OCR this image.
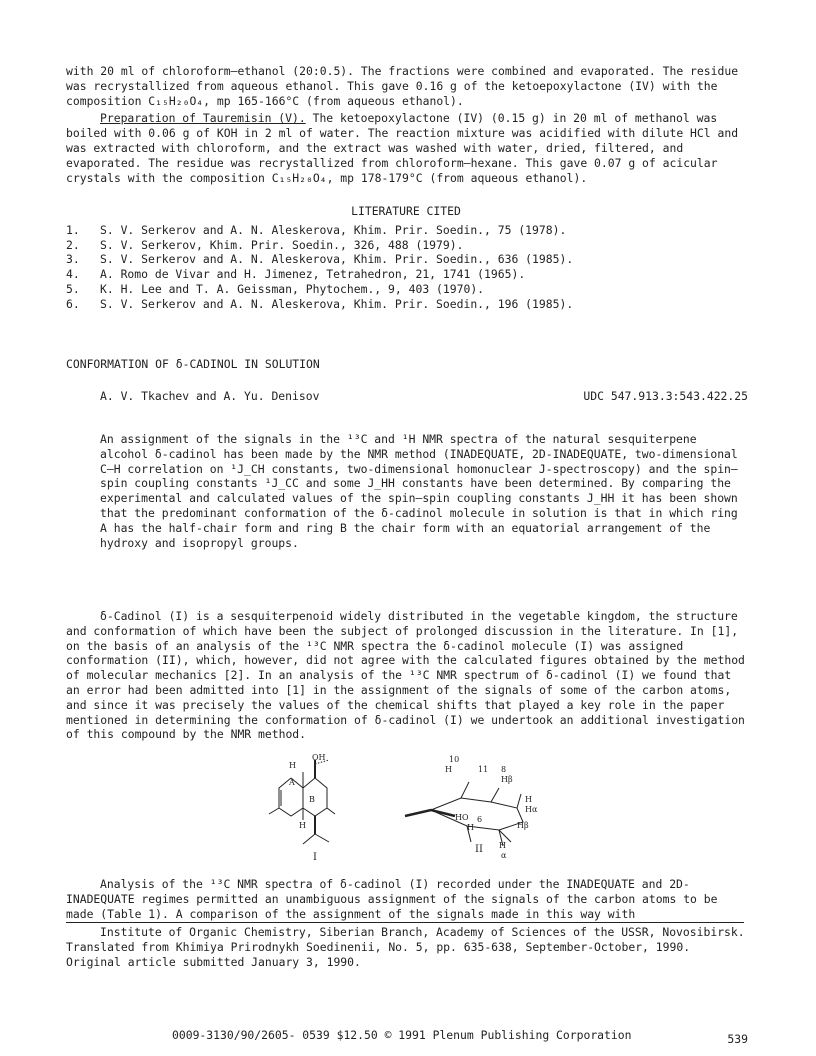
with 20 ml of chloroform–ethanol (20:0.5). The fractions were combined and evaporated. The residue was recrystallized from aqueous ethanol. This gave 0.16 g of the ketoepoxylactone (IV) with the composition C₁₅H₂₀O₄, mp 165-166°C (from aqueous ethanol).

Preparation of Tauremisin (V). The ketoepoxylactone (IV) (0.15 g) in 20 ml of methanol was boiled with 0.06 g of KOH in 2 ml of water. The reaction mixture was acidified with dilute HCl and was extracted with chloroform, and the extract was washed with water, dried, filtered, and evaporated. The residue was recrystallized from chloroform–hexane. This gave 0.07 g of acicular crystals with the composition C₁₅H₂₀O₄, mp 178-179°C (from aqueous ethanol).

LITERATURE CITED

1.	S. V. Serkerov and A. N. Aleskerova, Khim. Prir. Soedin., 75 (1978).
2.	S. V. Serkerov, Khim. Prir. Soedin., 326, 488 (1979).
3.	S. V. Serkerov and A. N. Aleskerova, Khim. Prir. Soedin., 636 (1985).
4.	A. Romo de Vivar and H. Jimenez, Tetrahedron, 21, 1741 (1965).
5.	K. H. Lee and T. A. Geissman, Phytochem., 9, 403 (1970).
6.	S. V. Serkerov and A. N. Aleskerova, Khim. Prir. Soedin., 196 (1985).
CONFORMATION OF δ-CADINOL IN SOLUTION
A. V. Tkachev and A. Yu. Denisov	UDC 547.913.3:543.422.25
An assignment of the signals in the ¹³C and ¹H NMR spectra of the natural sesquiterpene alcohol δ-cadinol has been made by the NMR method (INADEQUATE, 2D-INADEQUATE, two-dimensional C–H correlation on ¹J_CH constants, two-dimensional homonuclear J-spectroscopy) and the spin–spin coupling constants ¹J_CC and some J_HH constants have been determined. By comparing the experimental and calculated values of the spin–spin coupling constants J_HH it has been shown that the predominant conformation of the δ-cadinol molecule in solution is that in which ring A has the half-chair form and ring B the chair form with an equatorial arrangement of the hydroxy and isopropyl groups.
δ-Cadinol (I) is a sesquiterpenoid widely distributed in the vegetable kingdom, the structure and conformation of which have been the subject of prolonged discussion in the literature. In [1], on the basis of an analysis of the ¹³C NMR spectra the δ-cadinol molecule (I) was assigned conformation (II), which, however, did not agree with the calculated figures obtained by the method of molecular mechanics [2]. In an analysis of the ¹³C NMR spectrum of δ-cadinol (I) we found that an error had been admitted into [1] in the assignment of the signals of some of the carbon atoms, and since it was precisely the values of the chemical shifts that played a key role in the paper mentioned in determining the conformation of δ-cadinol (I) we undertook an additional investigation of this compound by the NMR method.
OH
H
A
B
H
I
10
H	11 8
Hβ
H
Hα
Hβ
H
6
H
α
HO
II
Analysis of the ¹³C NMR spectra of δ-cadinol (I) recorded under the INADEQUATE and 2D-INADEQUATE regimes permitted an unambiguous assignment of the signals of the carbon atoms to be made (Table 1). A comparison of the assignment of the signals made in this way with
Institute of Organic Chemistry, Siberian Branch, Academy of Sciences of the USSR, Novosibirsk. Translated from Khimiya Prirodnykh Soedinenii, No. 5, pp. 635-638, September-October, 1990. Original article submitted January 3, 1990.
0009-3130/90/2605- 0539 $12.50 © 1991 Plenum Publishing Corporation	539
